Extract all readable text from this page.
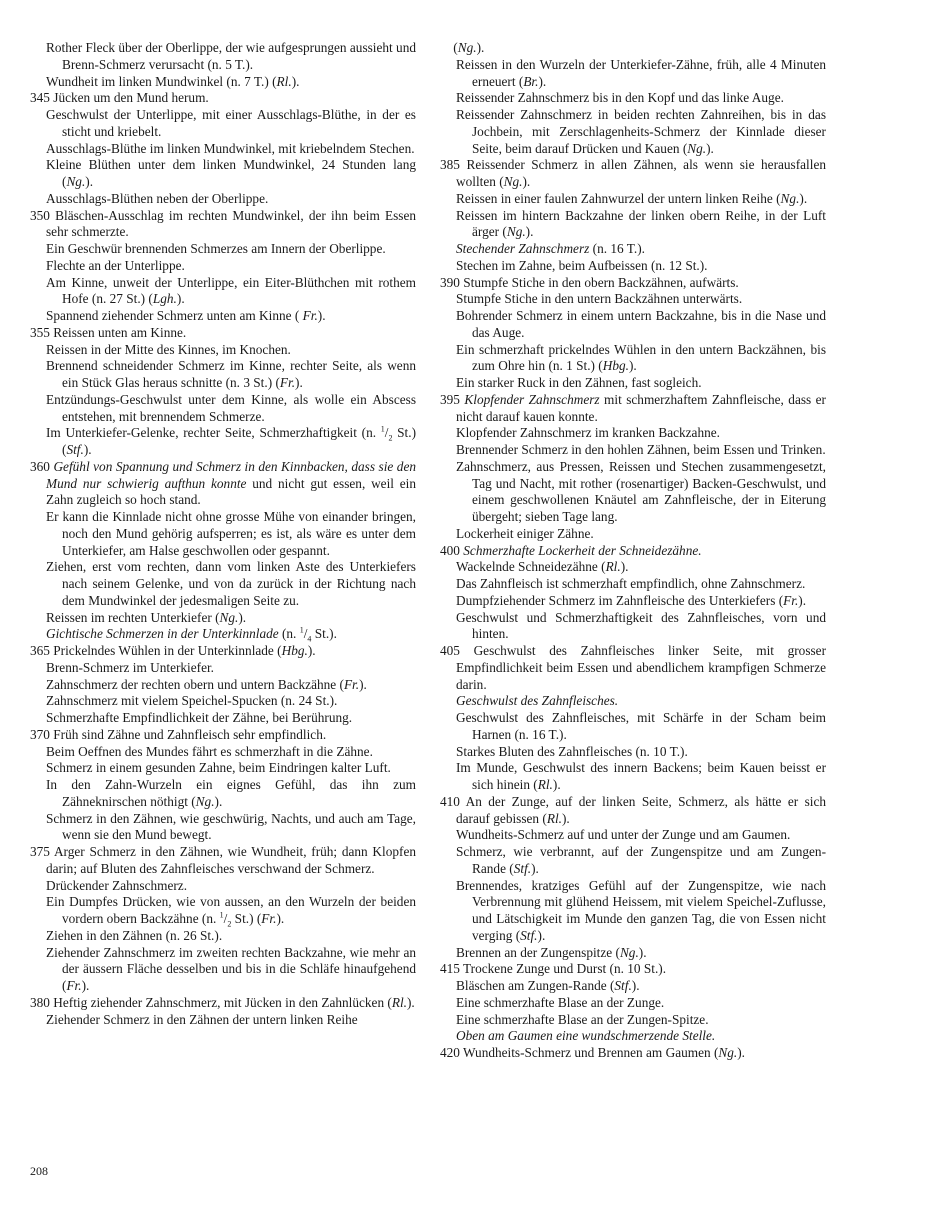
Rother Fleck über der Oberlippe, der wie aufgesprungen aussieht und Brenn-Schmerz verursacht (n. 5 T.).
Wundheit im linken Mundwinkel (n. 7 T.) (Rl.).
345 Jücken um den Mund herum.
Geschwulst der Unterlippe, mit einer Ausschlags-Blüthe, in der es sticht und kriebelt.
Ausschlags-Blüthe im linken Mundwinkel, mit kriebelndem Stechen.
Kleine Blüthen unter dem linken Mundwinkel, 24 Stunden lang (Ng.).
Ausschlags-Blüthen neben der Oberlippe.
350 Bläschen-Ausschlag im rechten Mundwinkel, der ihn beim Essen sehr schmerzte.
Ein Geschwür brennenden Schmerzes am Innern der Oberlippe.
Flechte an der Unterlippe.
Am Kinne, unweit der Unterlippe, ein Eiter-Blüthchen mit rothem Hofe (n. 27 St.) (Lgh.).
Spannend ziehender Schmerz unten am Kinne ( Fr.).
355 Reissen unten am Kinne.
Reissen in der Mitte des Kinnes, im Knochen.
Brennend schneidender Schmerz im Kinne, rechter Seite, als wenn ein Stück Glas heraus schnitte (n. 3 St.) (Fr.).
Entzündungs-Geschwulst unter dem Kinne, als wolle ein Abscess entstehen, mit brennendem Schmerze.
Im Unterkiefer-Gelenke, rechter Seite, Schmerzhaftigkeit (n. $^1/_2$ St.) (Stf.).
360 Gefühl von Spannung und Schmerz in den Kinnbacken, dass sie den Mund nur schwierig aufthun konnte und nicht gut essen, weil ein Zahn zugleich so hoch stand.
Er kann die Kinnlade nicht ohne grosse Mühe von einander bringen, noch den Mund gehörig aufsperren; es ist, als wäre es unter dem Unterkiefer, am Halse geschwollen oder gespannt.
Ziehen, erst vom rechten, dann vom linken Aste des Unterkiefers nach seinem Gelenke, und von da zurück in der Richtung nach dem Mundwinkel der jedesmaligen Seite zu.
Reissen im rechten Unterkiefer (Ng.).
Gichtische Schmerzen in der Unterkinnlade (n. $^1/_4$ St.).
365 Prickelndes Wühlen in der Unterkinnlade (Hbg.).
Brenn-Schmerz im Unterkiefer.
Zahnschmerz der rechten obern und untern Backzähne (Fr.).
Zahnschmerz mit vielem Speichel-Spucken (n. 24 St.).
Schmerzhafte Empfindlichkeit der Zähne, bei Berührung.
370 Früh sind Zähne und Zahnfleisch sehr empfindlich.
Beim Oeffnen des Mundes fährt es schmerzhaft in die Zähne.
Schmerz in einem gesunden Zahne, beim Eindringen kalter Luft.
In den Zahn-Wurzeln ein eignes Gefühl, das ihn zum Zähneknirschen nöthigt (Ng.).
Schmerz in den Zähnen, wie geschwürig, Nachts, und auch am Tage, wenn sie den Mund bewegt.
375 Arger Schmerz in den Zähnen, wie Wundheit, früh; dann Klopfen darin; auf Bluten des Zahnfleisches verschwand der Schmerz.
Drückender Zahnschmerz.
Ein Dumpfes Drücken, wie von aussen, an den Wurzeln der beiden vordern obern Backzähne (n. $^1/_2$ St.) (Fr.).
Ziehen in den Zähnen (n. 26 St.).
Ziehender Zahnschmerz im zweiten rechten Backzahne, wie mehr an der äussern Fläche desselben und bis in die Schläfe hinaufgehend (Fr.).
380 Heftig ziehender Zahnschmerz, mit Jücken in den Zahnlücken (Rl.).
Ziehender Schmerz in den Zähnen der untern linken Reihe
(Ng.).
Reissen in den Wurzeln der Unterkiefer-Zähne, früh, alle 4 Minuten erneuert (Br.).
Reissender Zahnschmerz bis in den Kopf und das linke Auge.
Reissender Zahnschmerz in beiden rechten Zahnreihen, bis in das Jochbein, mit Zerschlagenheits-Schmerz der Kinnlade dieser Seite, beim darauf Drücken und Kauen (Ng.).
385 Reissender Schmerz in allen Zähnen, als wenn sie herausfallen wollten (Ng.).
Reissen in einer faulen Zahnwurzel der untern linken Reihe (Ng.).
Reissen im hintern Backzahne der linken obern Reihe, in der Luft ärger (Ng.).
Stechender Zahnschmerz (n. 16 T.).
Stechen im Zahne, beim Aufbeissen (n. 12 St.).
390 Stumpfe Stiche in den obern Backzähnen, aufwärts.
Stumpfe Stiche in den untern Backzähnen unterwärts.
Bohrender Schmerz in einem untern Backzahne, bis in die Nase und das Auge.
Ein schmerzhaft prickelndes Wühlen in den untern Backzähnen, bis zum Ohre hin (n. 1 St.) (Hbg.).
Ein starker Ruck in den Zähnen, fast sogleich.
395 Klopfender Zahnschmerz mit schmerzhaftem Zahnfleische, dass er nicht darauf kauen konnte.
Klopfender Zahnschmerz im kranken Backzahne.
Brennender Schmerz in den hohlen Zähnen, beim Essen und Trinken.
Zahnschmerz, aus Pressen, Reissen und Stechen zusammengesetzt, Tag und Nacht, mit rother (rosenartiger) Backen-Geschwulst, und einem geschwollenen Knäutel am Zahnfleische, der in Eiterung übergeht; sieben Tage lang.
Lockerheit einiger Zähne.
400 Schmerzhafte Lockerheit der Schneidezähne.
Wackelnde Schneidezähne (Rl.).
Das Zahnfleisch ist schmerzhaft empfindlich, ohne Zahnschmerz.
Dumpfziehender Schmerz im Zahnfleische des Unterkiefers (Fr.).
Geschwulst und Schmerzhaftigkeit des Zahnfleisches, vorn und hinten.
405 Geschwulst des Zahnfleisches linker Seite, mit grosser Empfindlichkeit beim Essen und abendlichem krampfigen Schmerze darin.
Geschwulst des Zahnfleisches.
Geschwulst des Zahnfleisches, mit Schärfe in der Scham beim Harnen (n. 16 T.).
Starkes Bluten des Zahnfleisches (n. 10 T.).
Im Munde, Geschwulst des innern Backens; beim Kauen beisst er sich hinein (Rl.).
410 An der Zunge, auf der linken Seite, Schmerz, als hätte er sich darauf gebissen (Rl.).
Wundheits-Schmerz auf und unter der Zunge und am Gaumen.
Schmerz, wie verbrannt, auf der Zungenspitze und am Zungen-Rande (Stf.).
Brennendes, kratziges Gefühl auf der Zungenspitze, wie nach Verbrennung mit glühend Heissem, mit vielem Speichel-Zuflusse, und Lätschigkeit im Munde den ganzen Tag, die von Essen nicht verging (Stf.).
Brennen an der Zungenspitze (Ng.).
415 Trockene Zunge und Durst (n. 10 St.).
Bläschen am Zungen-Rande (Stf.).
Eine schmerzhafte Blase an der Zunge.
Eine schmerzhafte Blase an der Zungen-Spitze.
Oben am Gaumen eine wundschmerzende Stelle.
420 Wundheits-Schmerz und Brennen am Gaumen (Ng.).
208
